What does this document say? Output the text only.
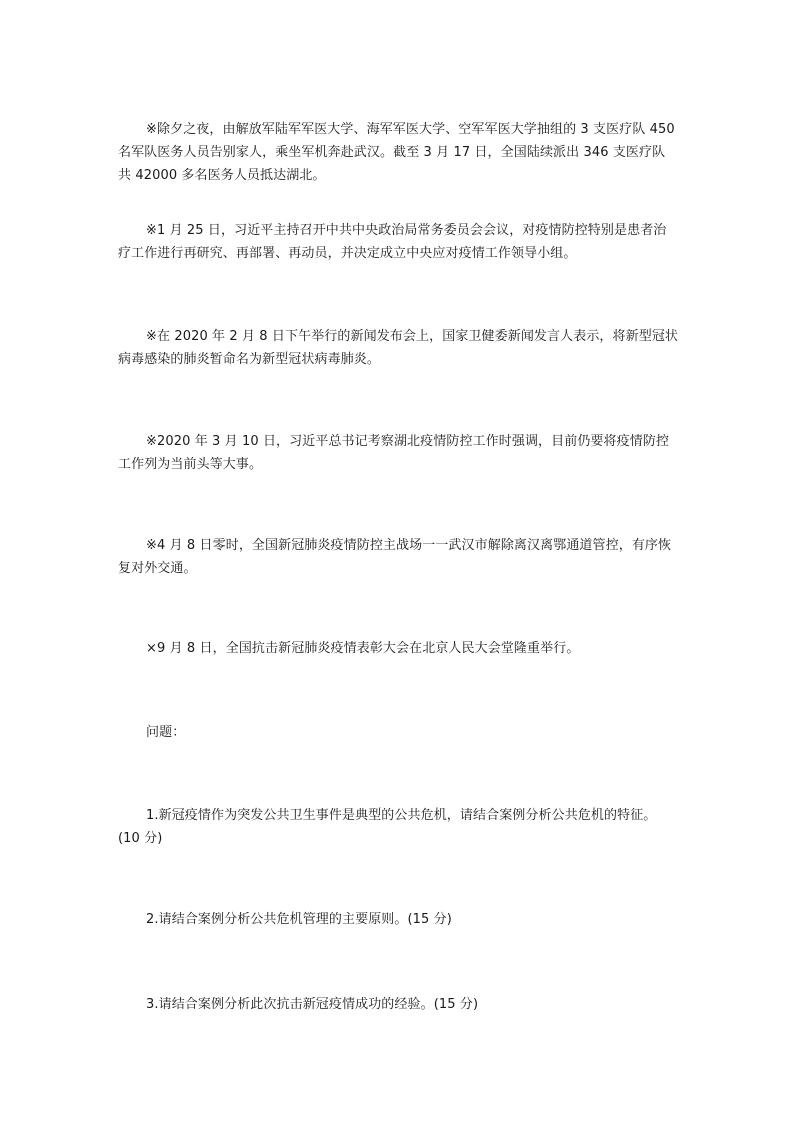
※除夕之夜，由解放军陆军军医大学、海军军医大学、空军军医大学抽组的 3 支医疗队 450 名军队医务人员告别家人，乘坐军机奔赴武汉。截至 3 月 17 日，全国陆续派出 346 支医疗队共 42000 多名医务人员抵达湖北。

※1 月 25 日，习近平主持召开中共中央政治局常务委员会会议，对疫情防控特别是患者治疗工作进行再研究、再部署、再动员，并决定成立中央应对疫情工作领导小组。

※在 2020 年 2 月 8 日下午举行的新闻发布会上，国家卫健委新闻发言人表示，将新型冠状病毒感染的肺炎暂命名为新型冠状病毒肺炎。

※2020 年 3 月 10 日，习近平总书记考察湖北疫情防控工作时强调，目前仍要将疫情防控工作列为当前头等大事。

※4 月 8 日零时，全国新冠肺炎疫情防控主战场一一武汉市解除离汉离鄂通道管控，有序恢复对外交通。

×9 月 8 日，全国抗击新冠肺炎疫情表彰大会在北京人民大会堂隆重举行。

问题：

1.新冠疫情作为突发公共卫生事件是典型的公共危机，请结合案例分析公共危机的特征。(10 分)

2.请结合案例分析公共危机管理的主要原则。(15 分)

3.请结合案例分析此次抗击新冠疫情成功的经验。(15 分)
